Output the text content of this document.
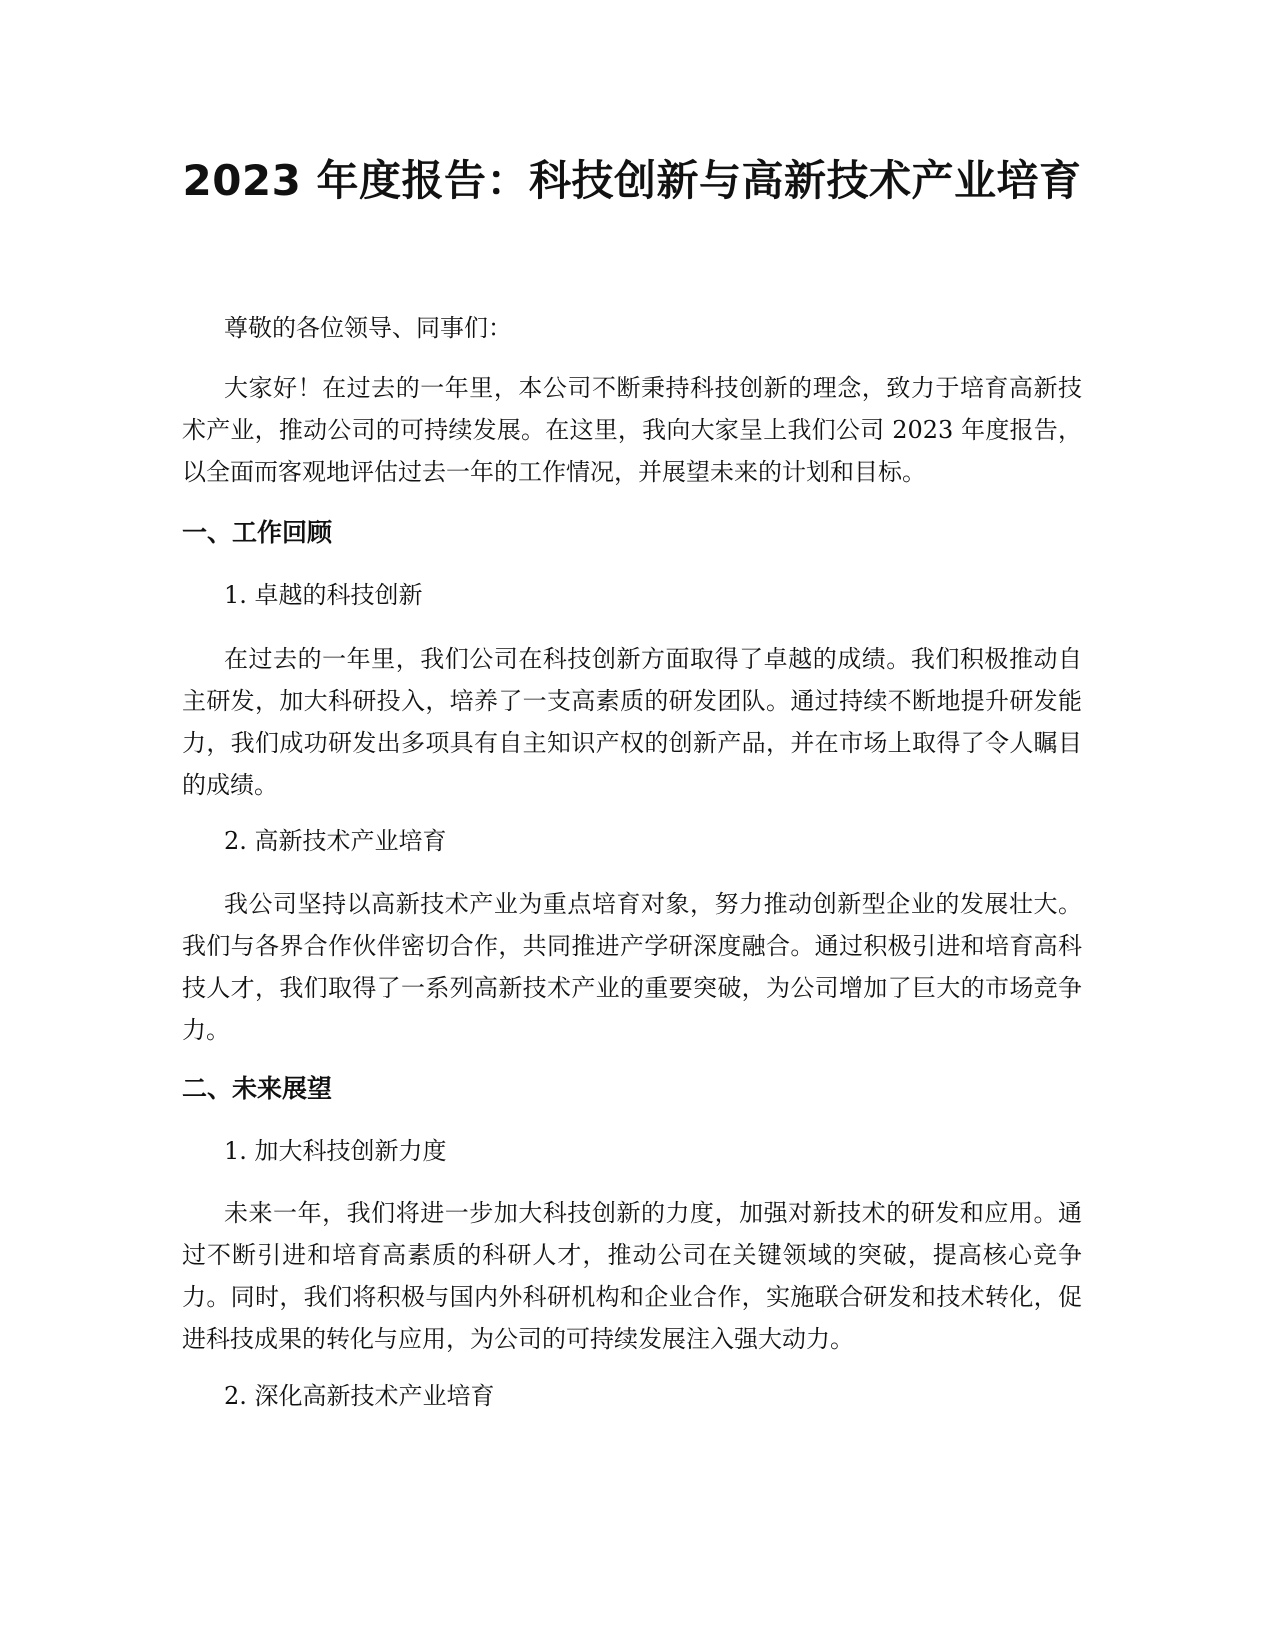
2023 年度报告：科技创新与高新技术产业培育

尊敬的各位领导、同事们：

大家好！在过去的一年里，本公司不断秉持科技创新的理念，致力于培育高新技术产业，推动公司的可持续发展。在这里，我向大家呈上我们公司 2023 年度报告，以全面而客观地评估过去一年的工作情况，并展望未来的计划和目标。

一、工作回顾

1. 卓越的科技创新

在过去的一年里，我们公司在科技创新方面取得了卓越的成绩。我们积极推动自主研发，加大科研投入，培养了一支高素质的研发团队。通过持续不断地提升研发能力，我们成功研发出多项具有自主知识产权的创新产品，并在市场上取得了令人瞩目的成绩。

2. 高新技术产业培育

我公司坚持以高新技术产业为重点培育对象，努力推动创新型企业的发展壮大。我们与各界合作伙伴密切合作，共同推进产学研深度融合。通过积极引进和培育高科技人才，我们取得了一系列高新技术产业的重要突破，为公司增加了巨大的市场竞争力。

二、未来展望

1. 加大科技创新力度

未来一年，我们将进一步加大科技创新的力度，加强对新技术的研发和应用。通过不断引进和培育高素质的科研人才，推动公司在关键领域的突破，提高核心竞争力。同时，我们将积极与国内外科研机构和企业合作，实施联合研发和技术转化，促进科技成果的转化与应用，为公司的可持续发展注入强大动力。

2. 深化高新技术产业培育
